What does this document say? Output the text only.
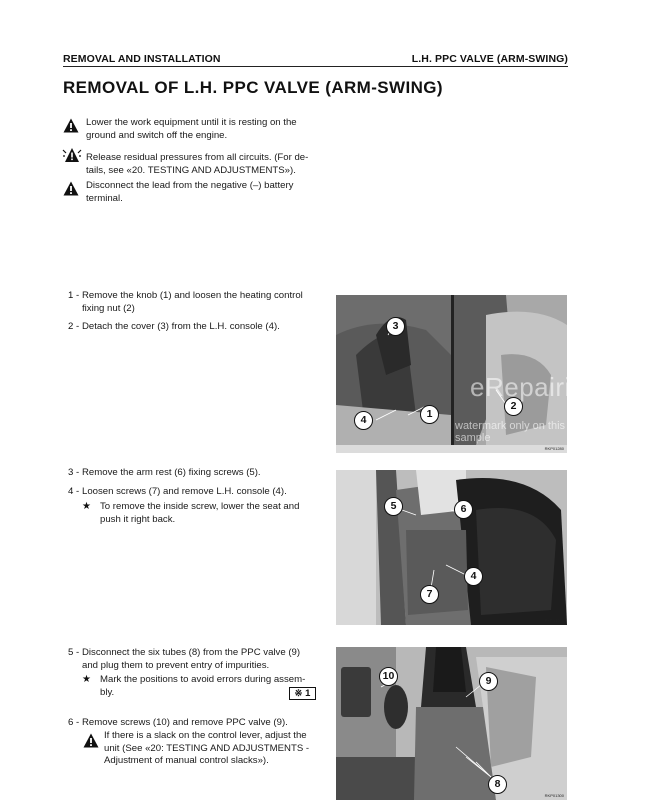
REMOVAL AND INSTALLATION	L.H. PPC VALVE (ARM-SWING)
REMOVAL OF L.H. PPC VALVE (ARM-SWING)
Lower the work equipment until it is resting on the
ground and switch off the engine.
Release residual pressures from all circuits. (For de-
tails, see «20. TESTING AND ADJUSTMENTS»).
Disconnect the lead from the negative (–) battery
terminal.
1 - Remove the knob (1) and loosen the heating control
fixing nut (2)
2 - Detach the cover (3) from the L.H. console (4).	3
4	1
2
RKP01280
eRepairinfo.com
watermark only on this sample
3 - Remove the arm rest (6) fixing screws (5).
4 - Loosen screws (7) and remove L.H. console (4).
★ To remove the inside screw, lower the seat and
push it right back.
5	6
4
7
RKP01290
5 - Disconnect the six tubes (8) from the PPC valve (9)
and plug them to prevent entry of impurities.
★ Mark the positions to avoid errors during assem-
bly.	※ 1
6 - Remove screws (10) and remove PPC valve (9).
If there is a slack on the control lever, adjust the
unit (See «20: TESTING AND ADJUSTMENTS -
Adjustment of manual control slacks»).
10	9
8
RKP01300
